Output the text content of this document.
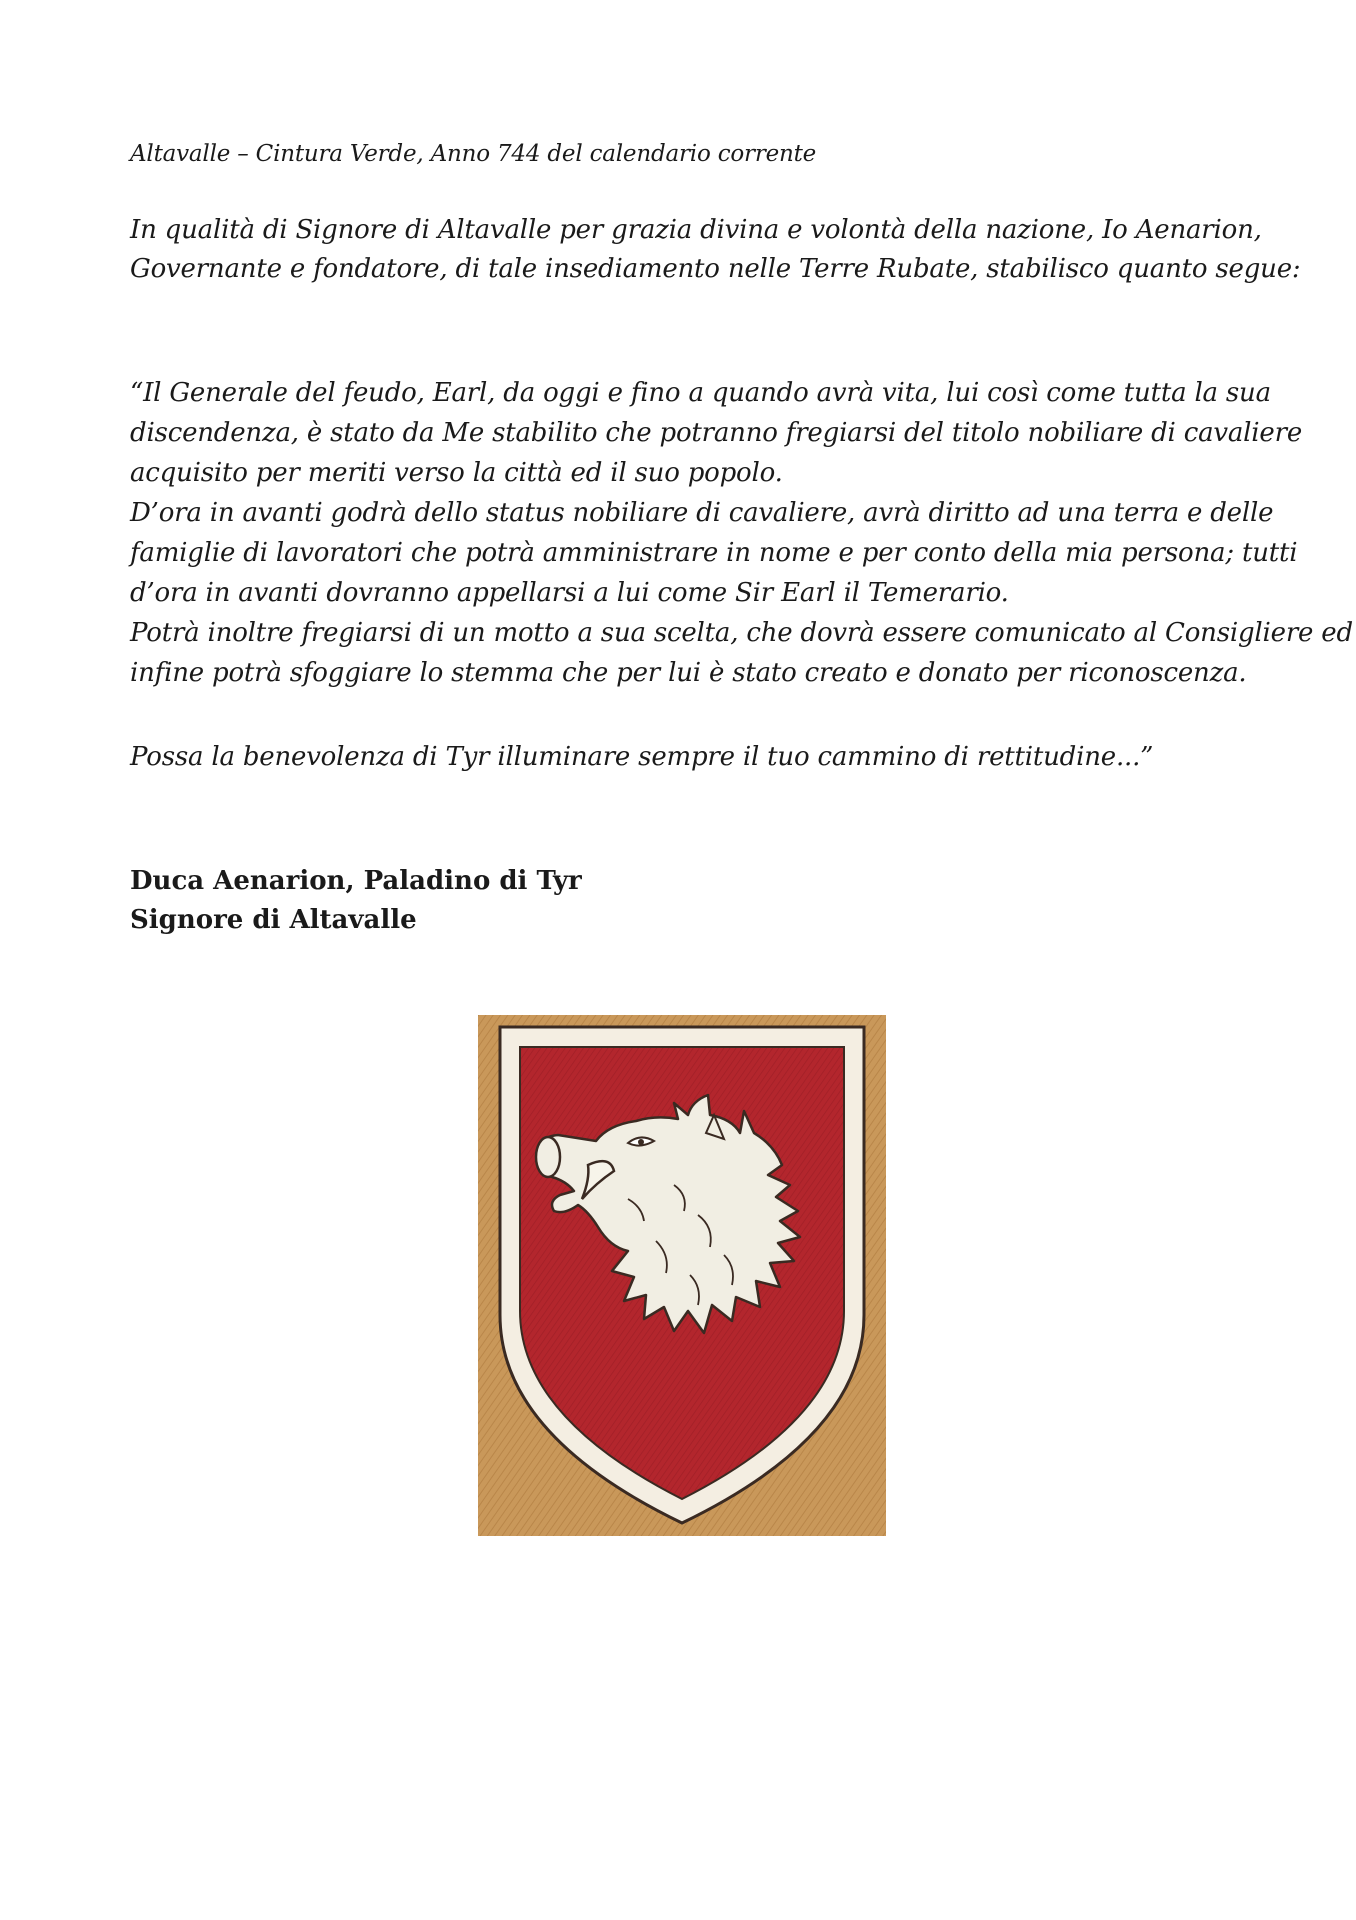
Altavalle – Cintura Verde, Anno 744 del calendario corrente
In qualità di Signore di Altavalle per grazia divina e volontà della nazione, Io Aenarion,
Governante e fondatore, di tale insediamento nelle Terre Rubate, stabilisco quanto segue:
“Il Generale del feudo, Earl, da oggi e fino a quando avrà vita, lui così come tutta la sua
discendenza, è stato da Me stabilito che potranno fregiarsi del titolo nobiliare di cavaliere
acquisito per meriti verso la città ed il suo popolo.
D’ora in avanti godrà dello status nobiliare di cavaliere, avrà diritto ad una terra e delle
famiglie di lavoratori che potrà amministrare in nome e per conto della mia persona; tutti
d’ora in avanti dovranno appellarsi a lui come Sir Earl il Temerario.
Potrà inoltre fregiarsi di un motto a sua scelta, che dovrà essere comunicato al Consigliere ed
infine potrà sfoggiare lo stemma che per lui è stato creato e donato per riconoscenza.
Possa la benevolenza di Tyr illuminare sempre il tuo cammino di rettitudine...”
Duca Aenarion, Paladino di Tyr
Signore di Altavalle
